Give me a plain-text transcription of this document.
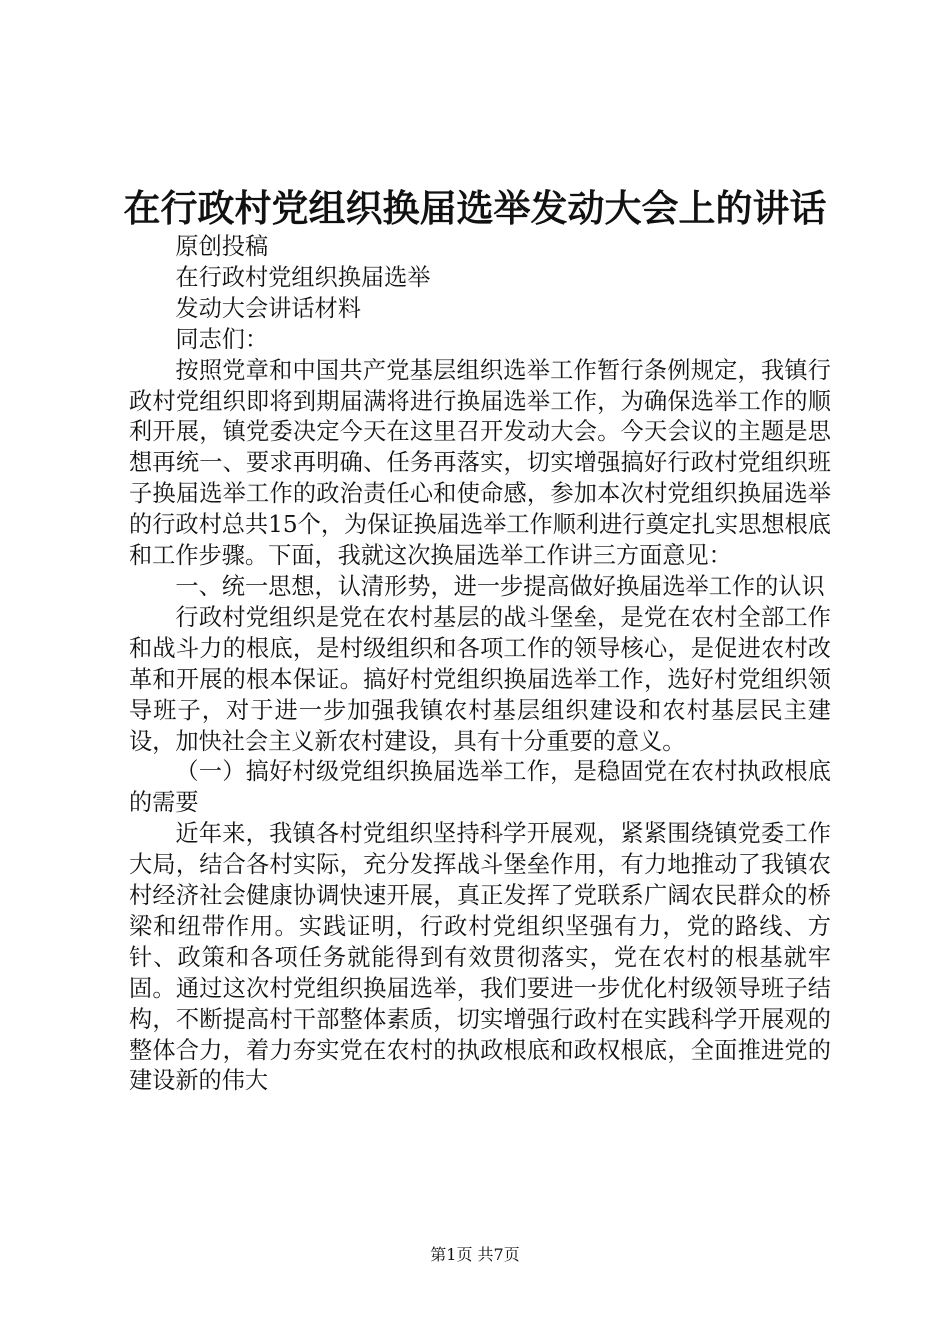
在行政村党组织换届选举发动大会上的讲话

原创投稿

在行政村党组织换届选举

发动大会讲话材料

同志们：

按照党章和中国共产党基层组织选举工作暂行条例规定，我镇行政村党组织即将到期届满将进行换届选举工作，为确保选举工作的顺利开展，镇党委决定今天在这里召开发动大会。今天会议的主题是思想再统一、要求再明确、任务再落实，切实增强搞好行政村党组织班子换届选举工作的政治责任心和使命感，参加本次村党组织换届选举的行政村总共15个，为保证换届选举工作顺利进行奠定扎实思想根底和工作步骤。下面，我就这次换届选举工作讲三方面意见：

一、统一思想，认清形势，进一步提高做好换届选举工作的认识

行政村党组织是党在农村基层的战斗堡垒，是党在农村全部工作和战斗力的根底，是村级组织和各项工作的领导核心，是促进农村改革和开展的根本保证。搞好村党组织换届选举工作，选好村党组织领导班子，对于进一步加强我镇农村基层组织建设和农村基层民主建设，加快社会主义新农村建设，具有十分重要的意义。

（一）搞好村级党组织换届选举工作，是稳固党在农村执政根底的需要

近年来，我镇各村党组织坚持科学开展观，紧紧围绕镇党委工作大局，结合各村实际，充分发挥战斗堡垒作用，有力地推动了我镇农村经济社会健康协调快速开展，真正发挥了党联系广阔农民群众的桥梁和纽带作用。实践证明，行政村党组织坚强有力，党的路线、方针、政策和各项任务就能得到有效贯彻落实，党在农村的根基就牢固。通过这次村党组织换届选举，我们要进一步优化村级领导班子结构，不断提高村干部整体素质，切实增强行政村在实践科学开展观的整体合力，着力夯实党在农村的执政根底和政权根底，全面推进党的建设新的伟大

第1页 共7页
